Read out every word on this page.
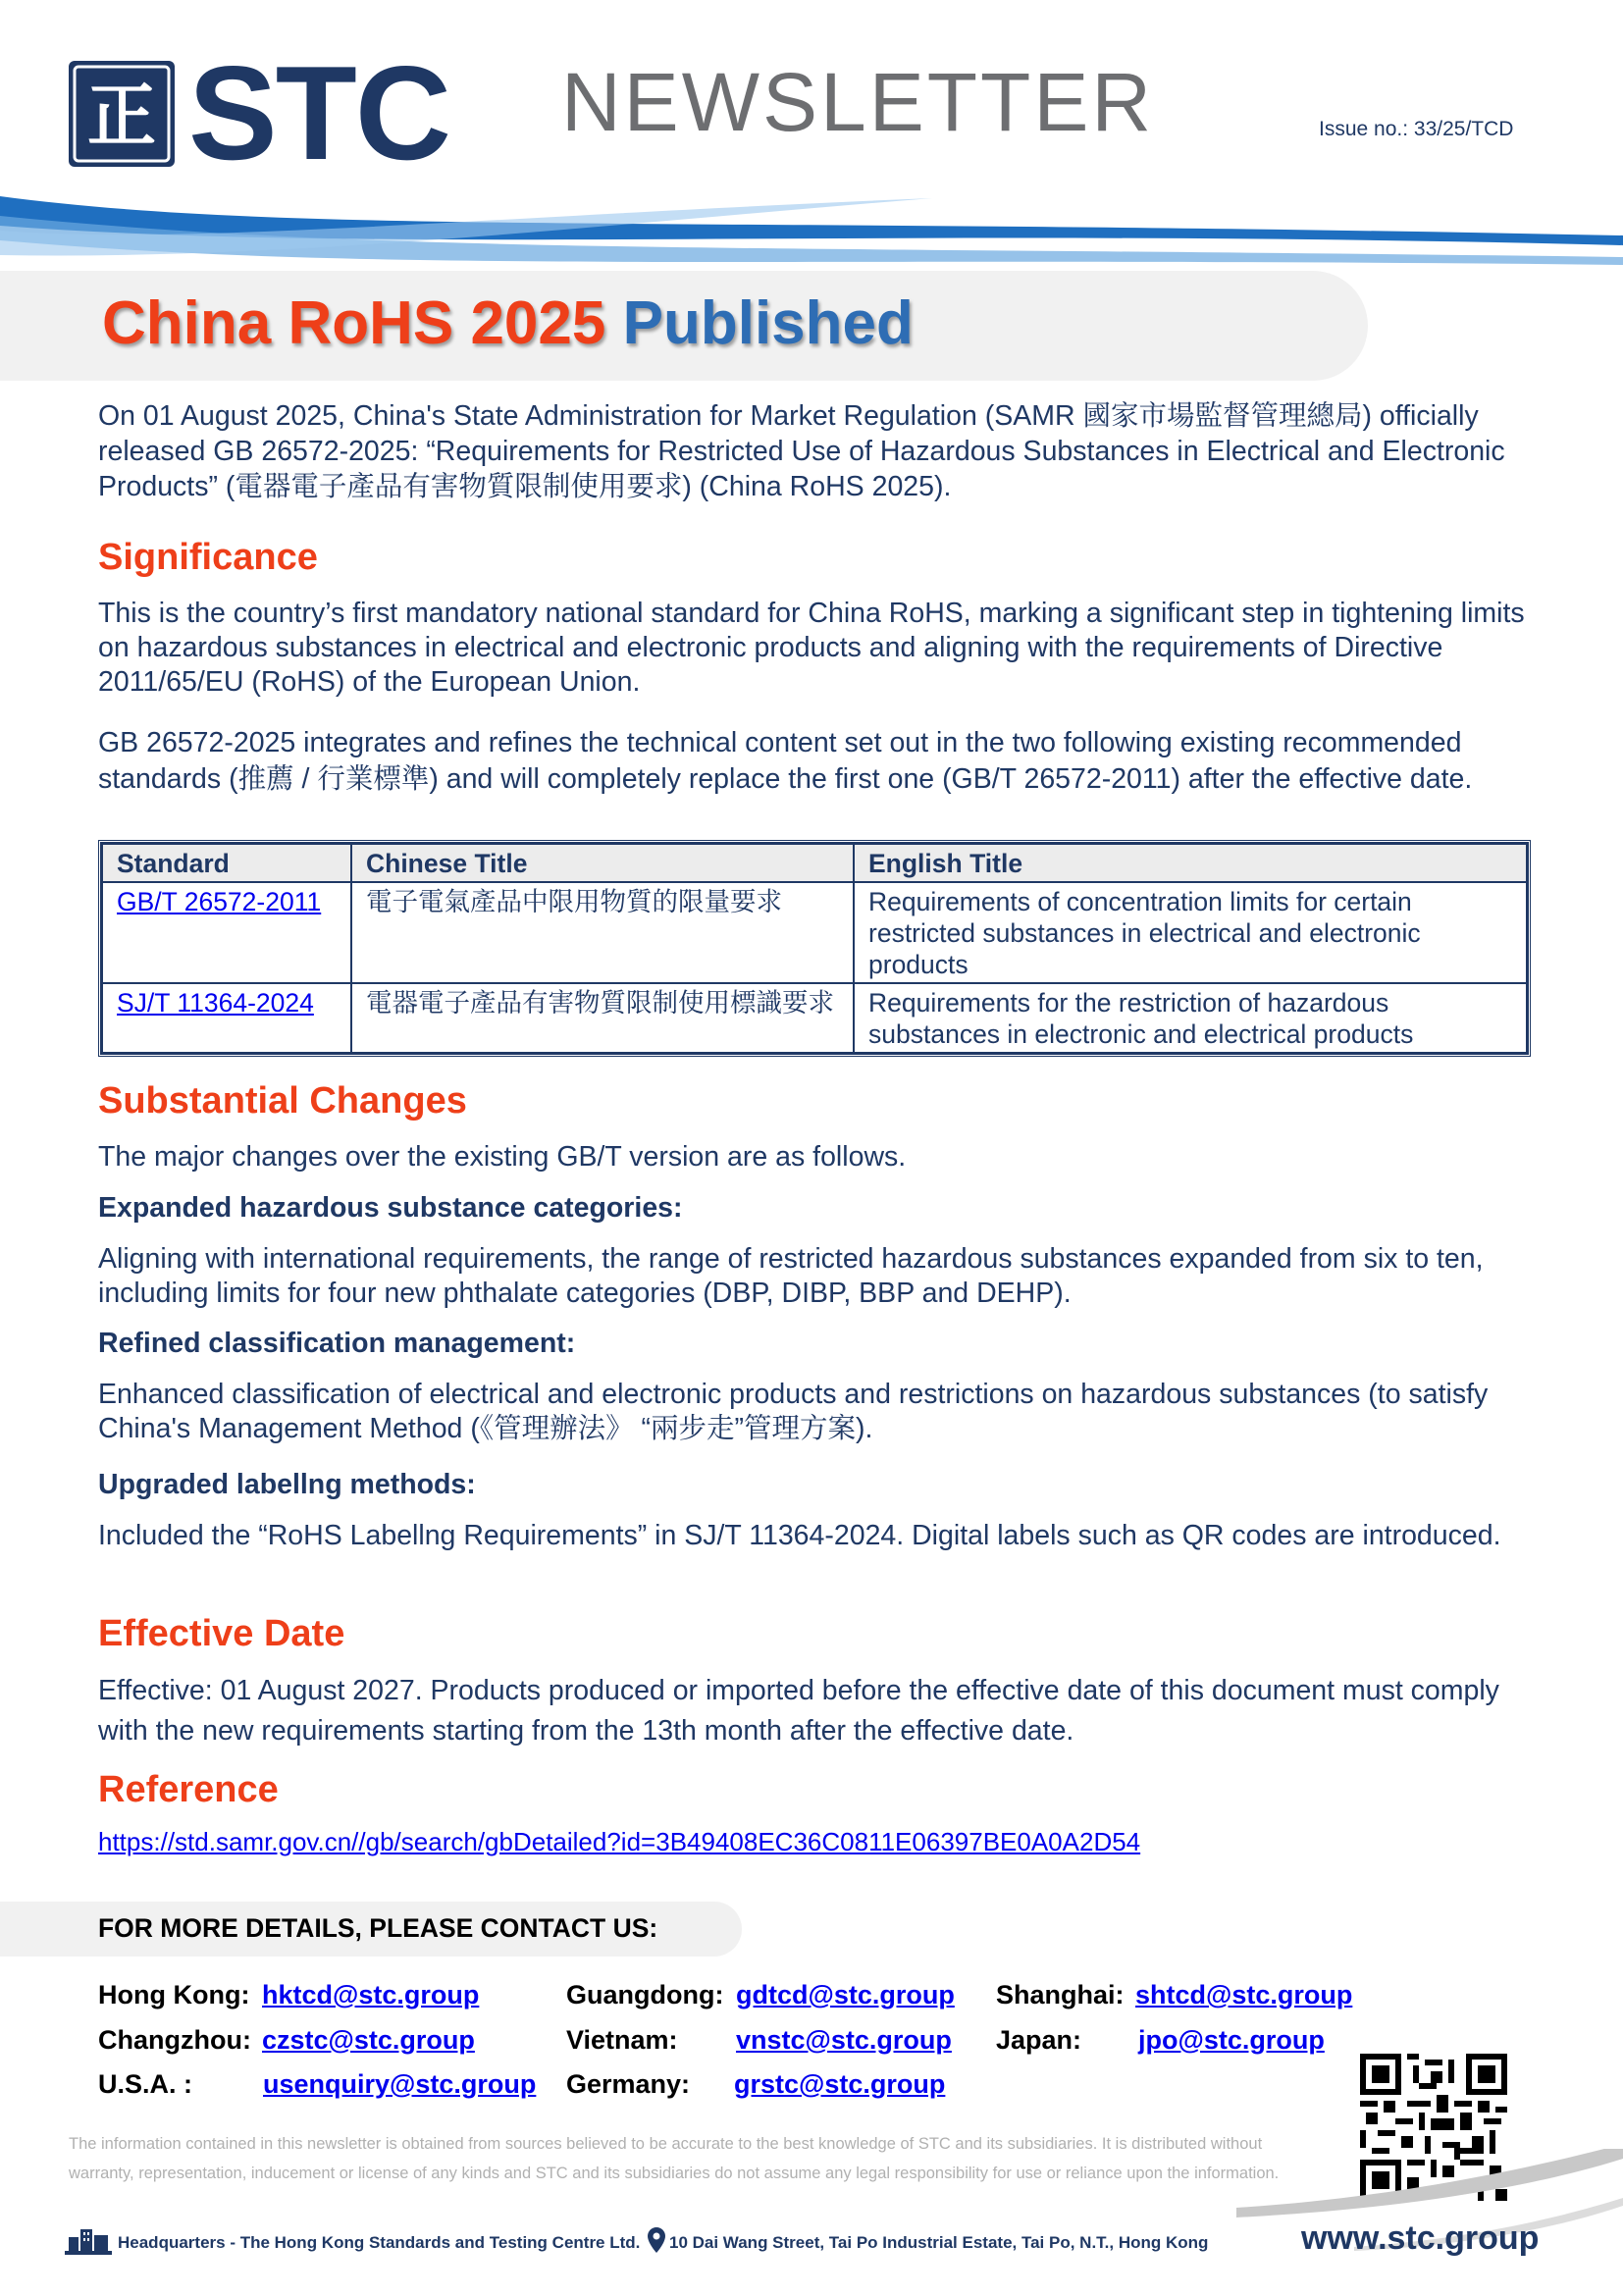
正 STC NEWSLETTER	Issue no.: 33/25/TCD
China RoHS 2025 Published
On 01 August 2025, China's State Administration for Market Regulation (SAMR 國家市場監督管理總局) officially released GB 26572-2025: “Requirements for Restricted Use of Hazardous Substances in Electrical and Electronic Products” (電器電子產品有害物質限制使用要求) (China RoHS 2025).
Significance
This is the country’s first mandatory national standard for China RoHS, marking a significant step in tightening limits on hazardous substances in electrical and electronic products and aligning with the requirements of Directive 2011/65/EU (RoHS) of the European Union.
GB 26572-2025 integrates and refines the technical content set out in the two following existing recommended standards (推薦 / 行業標準) and will completely replace the first one (GB/T 26572-2011) after the effective date.
Standard	Chinese Title	English Title
GB/T 26572-2011	電子電氣產品中限用物質的限量要求	Requirements of concentration limits for certain restricted substances in electrical and electronic products
SJ/T 11364-2024	電器電子產品有害物質限制使用標識要求	Requirements for the restriction of hazardous substances in electronic and electrical products
Substantial Changes
The major changes over the existing GB/T version are as follows.
Expanded hazardous substance categories:
Aligning with international requirements, the range of restricted hazardous substances expanded from six to ten, including limits for four new phthalate categories (DBP, DIBP, BBP and DEHP).
Refined classification management:
Enhanced classification of electrical and electronic products and restrictions on hazardous substances (to satisfy China's Management Method (《管理辦法》 “兩步走”管理方案).
Upgraded labellng methods:
Included the “RoHS Labellng Requirements” in SJ/T 11364-2024. Digital labels such as QR codes are introduced.
Effective Date
Effective: 01 August 2027. Products produced or imported before the effective date of this document must comply with the new requirements starting from the 13th month after the effective date.
Reference
https://std.samr.gov.cn//gb/search/gbDetailed?id=3B49408EC36C0811E06397BE0A0A2D54
FOR MORE DETAILS, PLEASE CONTACT US:
Hong Kong: hktcd@stc.group	Guangdong: gdtcd@stc.group Shanghai: shtcd@stc.group
Changzhou: czstc@stc.group	Vietnam: vnstc@stc.group Japan: jpo@stc.group
U.S.A. :	usenquiry@stc.group Germany: grstc@stc.group
The information contained in this newsletter is obtained from sources believed to be accurate to the best knowledge of STC and its subsidiaries. It is distributed without
warranty, representation, inducement or license of any kinds and STC and its subsidiaries do not assume any legal responsibility for use or reliance upon the information.
Headquarters - The Hong Kong Standards and Testing Centre Ltd. 10 Dai Wang Street, Tai Po Industrial Estate, Tai Po, N.T., Hong Kong	www.stc.group
